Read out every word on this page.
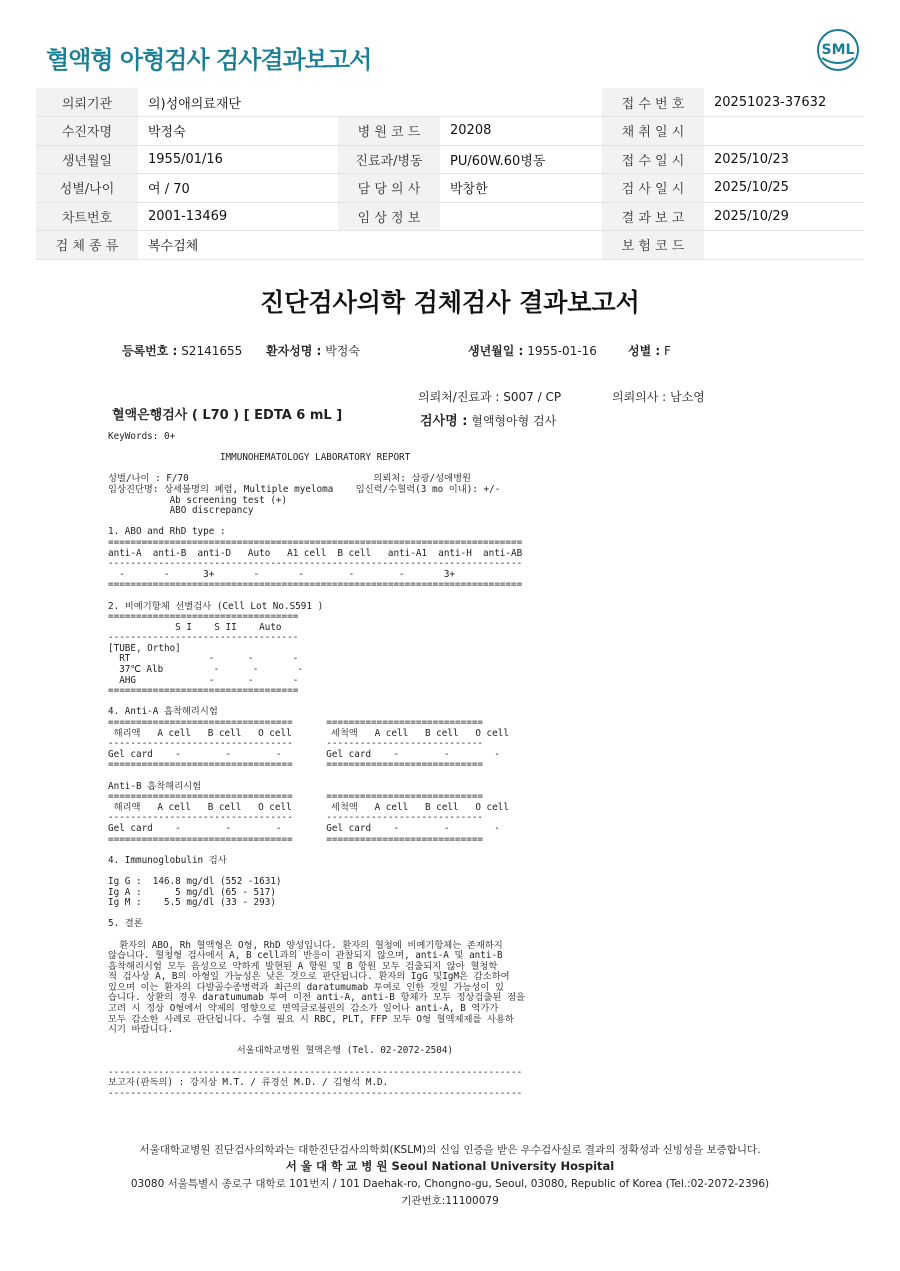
혈액형 아형검사 검사결과보고서	SML
의뢰기관	의)성애의료재단			접 수 번 호	20251023-37632
수진자명	박정숙	병 원 코 드	20208	채 취 일 시	
생년월일	1955/01/16	진료과/병동	PU/60W.60병동	접 수 일 시	2025/10/23
성별/나이	여 / 70	담 당 의 사	박창한	검 사 일 시	2025/10/25
차트번호	2001-13469	임 상 정 보		결 과 보 고	2025/10/29
검 체 종 류	복수검체			보 험 코 드	
진단검사의학 검체검사 결과보고서
등록번호 : S2141655 환자성명 : 박정숙	생년월일 : 1955-01-16	성별 : F
의뢰처/진료과 : S007 / CP	의뢰의사 : 남소영
혈액은행검사 ( L70 ) [ EDTA 6 mL ]	검사명 : 혈액형아형 검사
KeyWords: 0+
IMMUNOHEMATOLOGY LABORATORY REPORT
성별/나이 : F/70                                 의뢰처: 삼광/성애병원
임상진단명: 상세불명의 폐렴, Multiple myeloma    임신력/수혈력(3 mo 이내): +/-
Ab screening test (+)
ABO discrepancy
1. ABO and RhD type :
==========================================================================
anti-A  anti-B  anti-D   Auto   A1 cell  B cell   anti-A1  anti-H  anti-AB
--------------------------------------------------------------------------
-       -      3+       -       -        -        -       3+
==========================================================================
2. 비예기항체 선별검사 (Cell Lot No.S591 )
==================================
S I    S II    Auto
----------------------------------
[TUBE, Ortho]
RT              -      -       -
37℃ Alb         -      -       -
AHG             -      -       -
==================================
4. Anti-A 흡착해리시험
=================================      ============================
해리액   A cell   B cell   O cell       세척액   A cell   B cell   O cell
---------------------------------      ----------------------------
Gel card    -        -        -        Gel card    -        -        -
=================================      ============================
Anti-B 흡착해리시험
=================================      ============================
해리액   A cell   B cell   O cell       세척액   A cell   B cell   O cell
---------------------------------      ----------------------------
Gel card    -        -        -        Gel card    -        -        -
=================================      ============================
4. Immunoglobulin 검사
Ig G :  146.8 mg/dl (552 -1631)
Ig A :      5 mg/dl (65 - 517)
Ig M :    5.5 mg/dl (33 - 293)
5. 결론
환자의 ABO, Rh 혈액형은 O형, RhD 양성입니다. 환자의 혈청에 비예기항체는 존재하지
않습니다. 혈청형 검사에서 A, B cell과의 반응이 관찰되지 않으며, anti-A 및 anti-B
흡착해리시험 모두 음성으로 약하게 발현된 A 항원 및 B 항원 모두 검출되지 않아 혈청학
적 검사상 A, B의 아형일 가능성은 낮은 것으로 판단됩니다. 환자의 IgG 및IgM은 감소하여
있으며 이는 환자의 다발골수종병력과 최근의 daratumumab 투여로 인한 것일 가능성이 있
습니다. 상환의 경우 daratumumab 투여 이전 anti-A, anti-B 항체가 모두 정상검출된 점을
고려 시 정상 O형에서 약제의 영향으로 면역글로불린의 감소가 일어나 anti-A, B 역가가
모두 감소한 사례로 판단됩니다. 수혈 필요 시 RBC, PLT, FFP 모두 O형 혈액제제를 사용하
시기 바랍니다.
서울대학교병원 혈액은행 (Tel. 02-2072-2504)
--------------------------------------------------------------------------
보고자(판독의) : 강지상 M.T. / 류경선 M.D. / 김형석 M.D.
--------------------------------------------------------------------------
서울대학교병원 진단검사의학과는 대한진단검사의학회(KSLM)의 신임 인증을 받은 우수검사실로 결과의 정확성과 신빙성을 보증합니다.
서 울 대 학 교 병 원 Seoul National University Hospital
03080 서울특별시 종로구 대학로 101번지 / 101 Daehak-ro, Chongno-gu, Seoul, 03080, Republic of Korea (Tel.:02-2072-2396)
기관번호:11100079
